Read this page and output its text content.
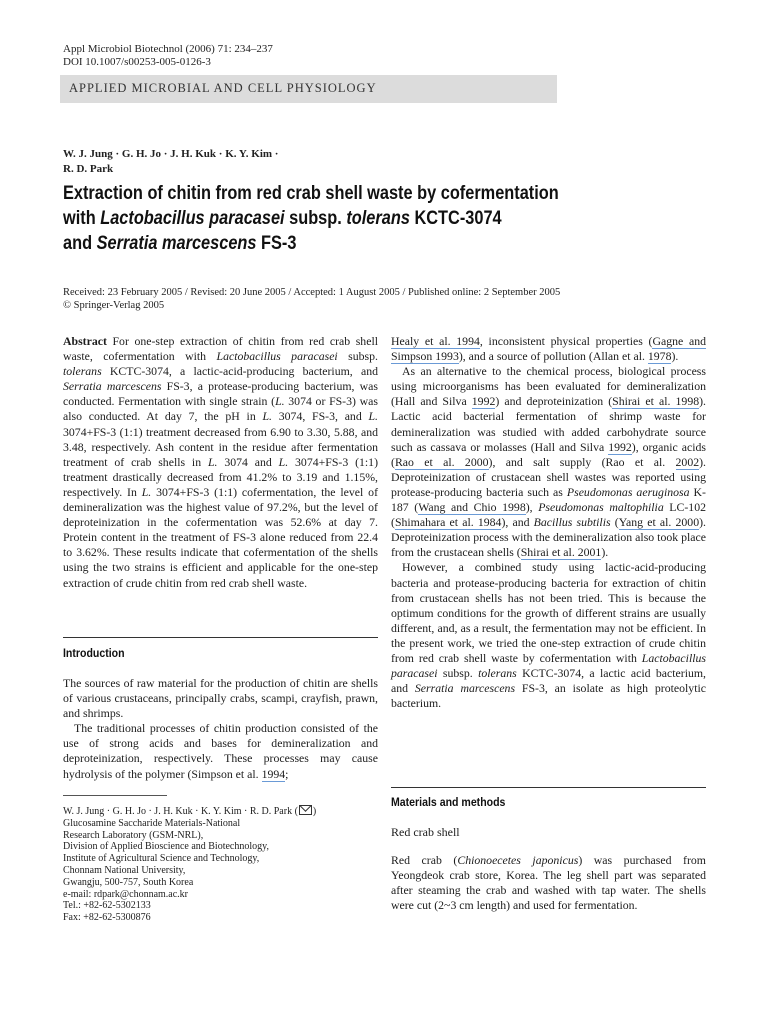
Appl Microbiol Biotechnol (2006) 71: 234–237
DOI 10.1007/s00253-005-0126-3
APPLIED MICROBIAL AND CELL PHYSIOLOGY
W. J. Jung · G. H. Jo · J. H. Kuk · K. Y. Kim ·
R. D. Park
Extraction of chitin from red crab shell waste by cofermentation
with Lactobacillus paracasei subsp. tolerans KCTC-3074
and Serratia marcescens FS-3
Received: 23 February 2005 / Revised: 20 June 2005 / Accepted: 1 August 2005 / Published online: 2 September 2005
© Springer-Verlag 2005

Abstract For one-step extraction of chitin from red crab shell waste, cofermentation with Lactobacillus paracasei subsp. tolerans KCTC-3074, a lactic-acid-producing bacterium, and Serratia marcescens FS-3, a protease-producing bacterium, was conducted. Fermentation with single strain (L. 3074 or FS-3) was also conducted. At day 7, the pH in L. 3074, FS-3, and L. 3074+FS-3 (1:1) treatment decreased from 6.90 to 3.30, 5.88, and 3.48, respectively. Ash content in the residue after fermentation treatment of crab shells in L. 3074 and L. 3074+FS-3 (1:1) treatment drastically decreased from 41.2% to 3.19 and 1.15%, respectively. In L. 3074+FS-3 (1:1) cofermentation, the level of demineralization was the highest value of 97.2%, but the level of deproteinization in the cofermentation was 52.6% at day 7. Protein content in the treatment of FS-3 alone reduced from 22.4 to 3.62%. These results indicate that cofermentation of the shells using the two strains is efficient and applicable for the one-step extraction of crude chitin from red crab shell waste.

Introduction

The sources of raw material for the production of chitin are shells of various crustaceans, principally crabs, scampi, crayfish, prawn, and shrimps.

The traditional processes of chitin production consisted of the use of strong acids and bases for demineralization and deproteinization, respectively. These processes may cause hydrolysis of the polymer (Simpson et al. 1994;

W. J. Jung · G. H. Jo · J. H. Kuk · K. Y. Kim · R. D. Park ( )
Glucosamine Saccharide Materials-National
Research Laboratory (GSM-NRL),
Division of Applied Bioscience and Biotechnology,
Institute of Agricultural Science and Technology,
Chonnam National University,
Gwangju, 500-757, South Korea
e-mail: rdpark@chonnam.ac.kr
Tel.: +82-62-5302133
Fax: +82-62-5300876

Healy et al. 1994, inconsistent physical properties (Gagne and Simpson 1993), and a source of pollution (Allan et al. 1978).

As an alternative to the chemical process, biological process using microorganisms has been evaluated for demineralization (Hall and Silva 1992) and deproteinization (Shirai et al. 1998). Lactic acid bacterial fermentation of shrimp waste for demineralization was studied with added carbohydrate source such as cassava or molasses (Hall and Silva 1992), organic acids (Rao et al. 2000), and salt supply (Rao et al. 2002). Deproteinization of crustacean shell wastes was reported using protease-producing bacteria such as Pseudomonas aeruginosa K-187 (Wang and Chio 1998), Pseudomonas maltophilia LC-102 (Shimahara et al. 1984), and Bacillus subtilis (Yang et al. 2000). Deproteinization process with the demineralization also took place from the crustacean shells (Shirai et al. 2001).

However, a combined study using lactic-acid-producing bacteria and protease-producing bacteria for extraction of chitin from crustacean shells has not been tried. This is because the optimum conditions for the growth of different strains are usually different, and, as a result, the fermentation may not be efficient. In the present work, we tried the one-step extraction of crude chitin from red crab shell waste by cofermentation with Lactobacillus paracasei subsp. tolerans KCTC-3074, a lactic acid bacterium, and Serratia marcescens FS-3, an isolate as high proteolytic bacterium.

Materials and methods
Red crab shell

Red crab (Chionoecetes japonicus) was purchased from Yeongdeok crab store, Korea. The leg shell part was separated after steaming the crab and washed with tap water. The shells were cut (2~3 cm length) and used for fermentation.
